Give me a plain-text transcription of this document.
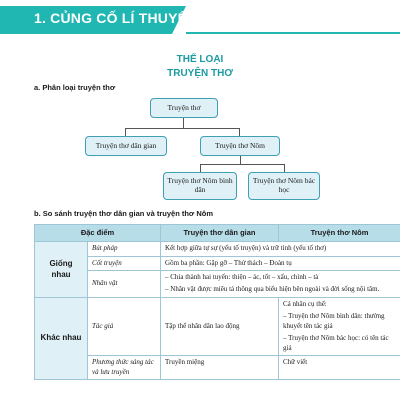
1. CỦNG CỐ LÍ THUYẾT
THỂ LOẠI
TRUYỆN THƠ
a. Phân loại truyện thơ
Truyện thơ
Truyện thơ dân gian	Truyện thơ Nôm
Truyện thơ Nôm bình dân
Truyện thơ Nôm bác học
b. So sánh truyện thơ dân gian và truyện thơ Nôm
Đặc điểm		Truyện thơ dân gian	Truyện thơ Nôm
Giống nhau	Bút pháp	Kết hợp giữa tự sự (yếu tố truyện) và trữ tình (yếu tố thơ)	
	Cốt truyện	Gồm ba phần: Gặp gỡ – Thử thách – Đoàn tụ	
	Nhân vật	– Chia thành hai tuyến: thiện – ác, tốt – xấu, chính – tà

– Nhân vật được miêu tả thông qua biểu hiện bên ngoài và đời sống nội tâm.	

Khác nhau	Tác giả	Tập thể nhân dân lao động	Cá nhân cụ thể:

– Truyện thơ Nôm bình dân: thường khuyết tên tác giả

– Truyện thơ Nôm bác học: có tên tác giả

	Phương thức sáng tác và lưu truyền	Truyền miệng	Chữ viết
